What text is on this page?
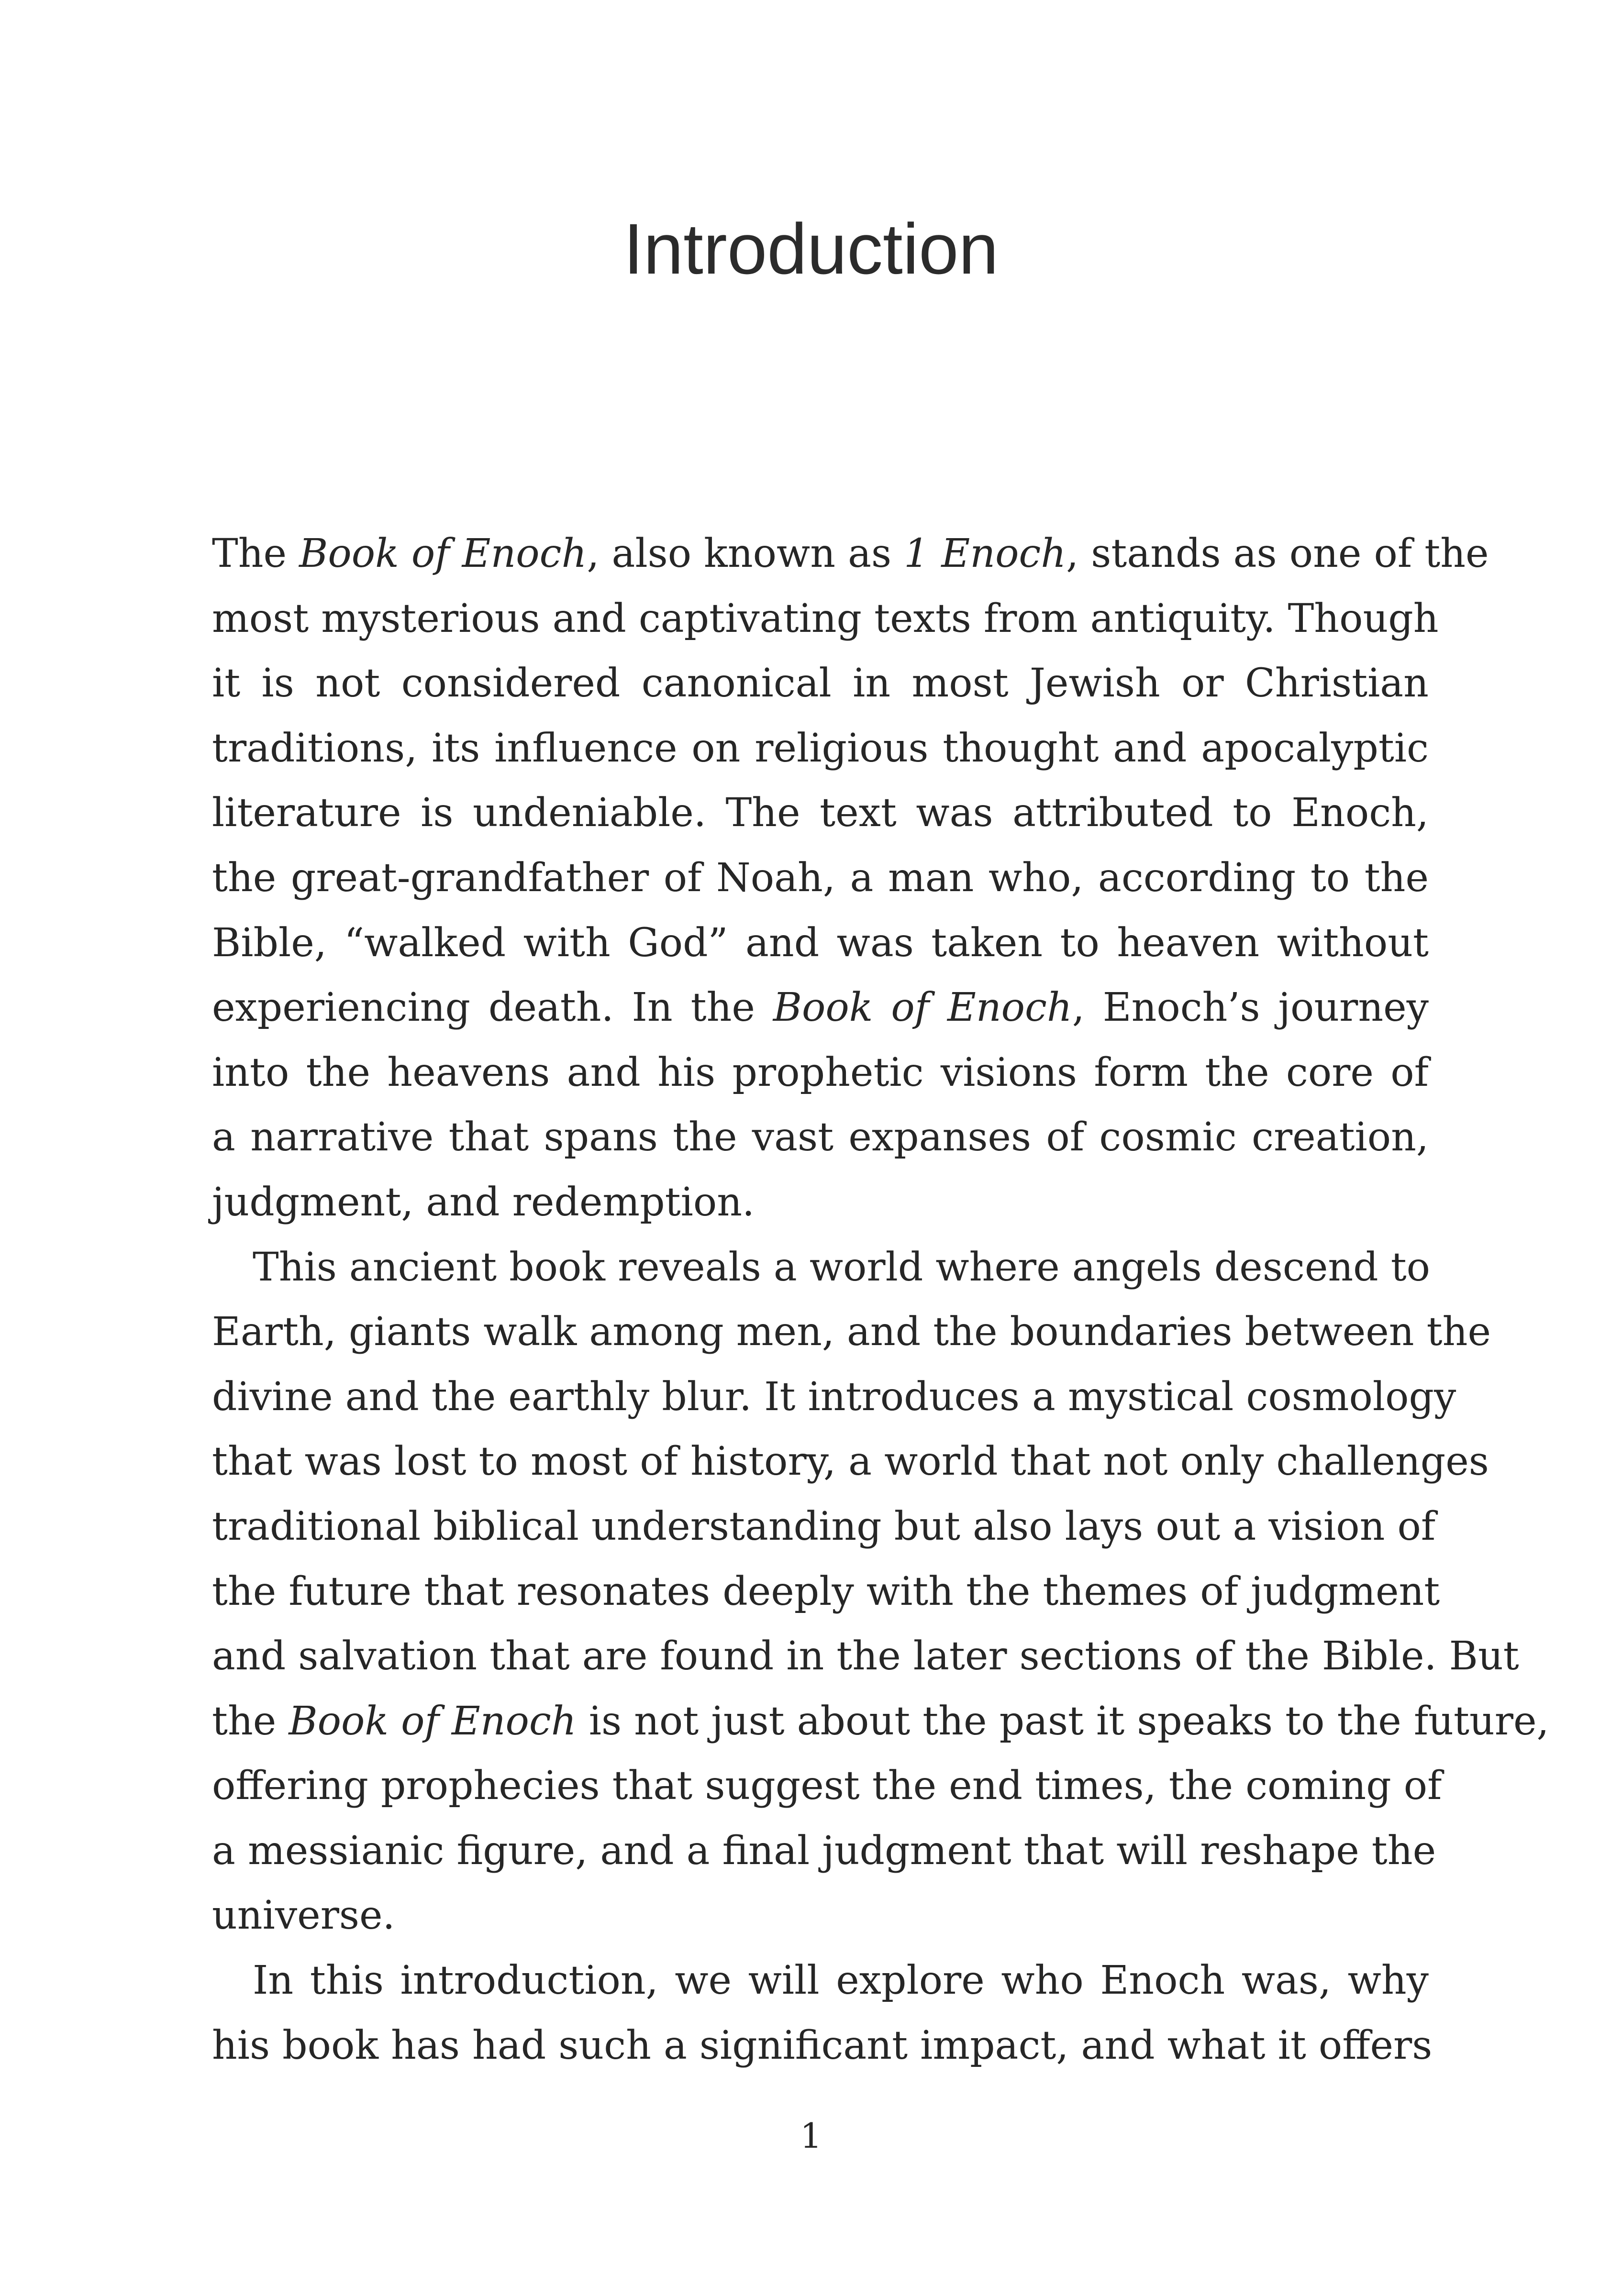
Introduction
The Book of Enoch, also known as 1 Enoch, stands as one of the
most mysterious and captivating texts from antiquity. Though
it is not considered canonical in most Jewish or Christian
traditions, its influence on religious thought and apocalyptic
literature is undeniable. The text was attributed to Enoch,
the great-grandfather of Noah, a man who, according to the
Bible, “walked with God” and was taken to heaven without
experiencing death. In the Book of Enoch, Enoch’s journey
into the heavens and his prophetic visions form the core of
a narrative that spans the vast expanses of cosmic creation,
judgment, and redemption.
This ancient book reveals a world where angels descend to
Earth, giants walk among men, and the boundaries between the
divine and the earthly blur. It introduces a mystical cosmology
that was lost to most of history, a world that not only challenges
traditional biblical understanding but also lays out a vision of
the future that resonates deeply with the themes of judgment
and salvation that are found in the later sections of the Bible. But
the Book of Enoch is not just about the past it speaks to the future,
offering prophecies that suggest the end times, the coming of
a messianic figure, and a final judgment that will reshape the
universe.
In this introduction, we will explore who Enoch was, why
his book has had such a significant impact, and what it offers
1
